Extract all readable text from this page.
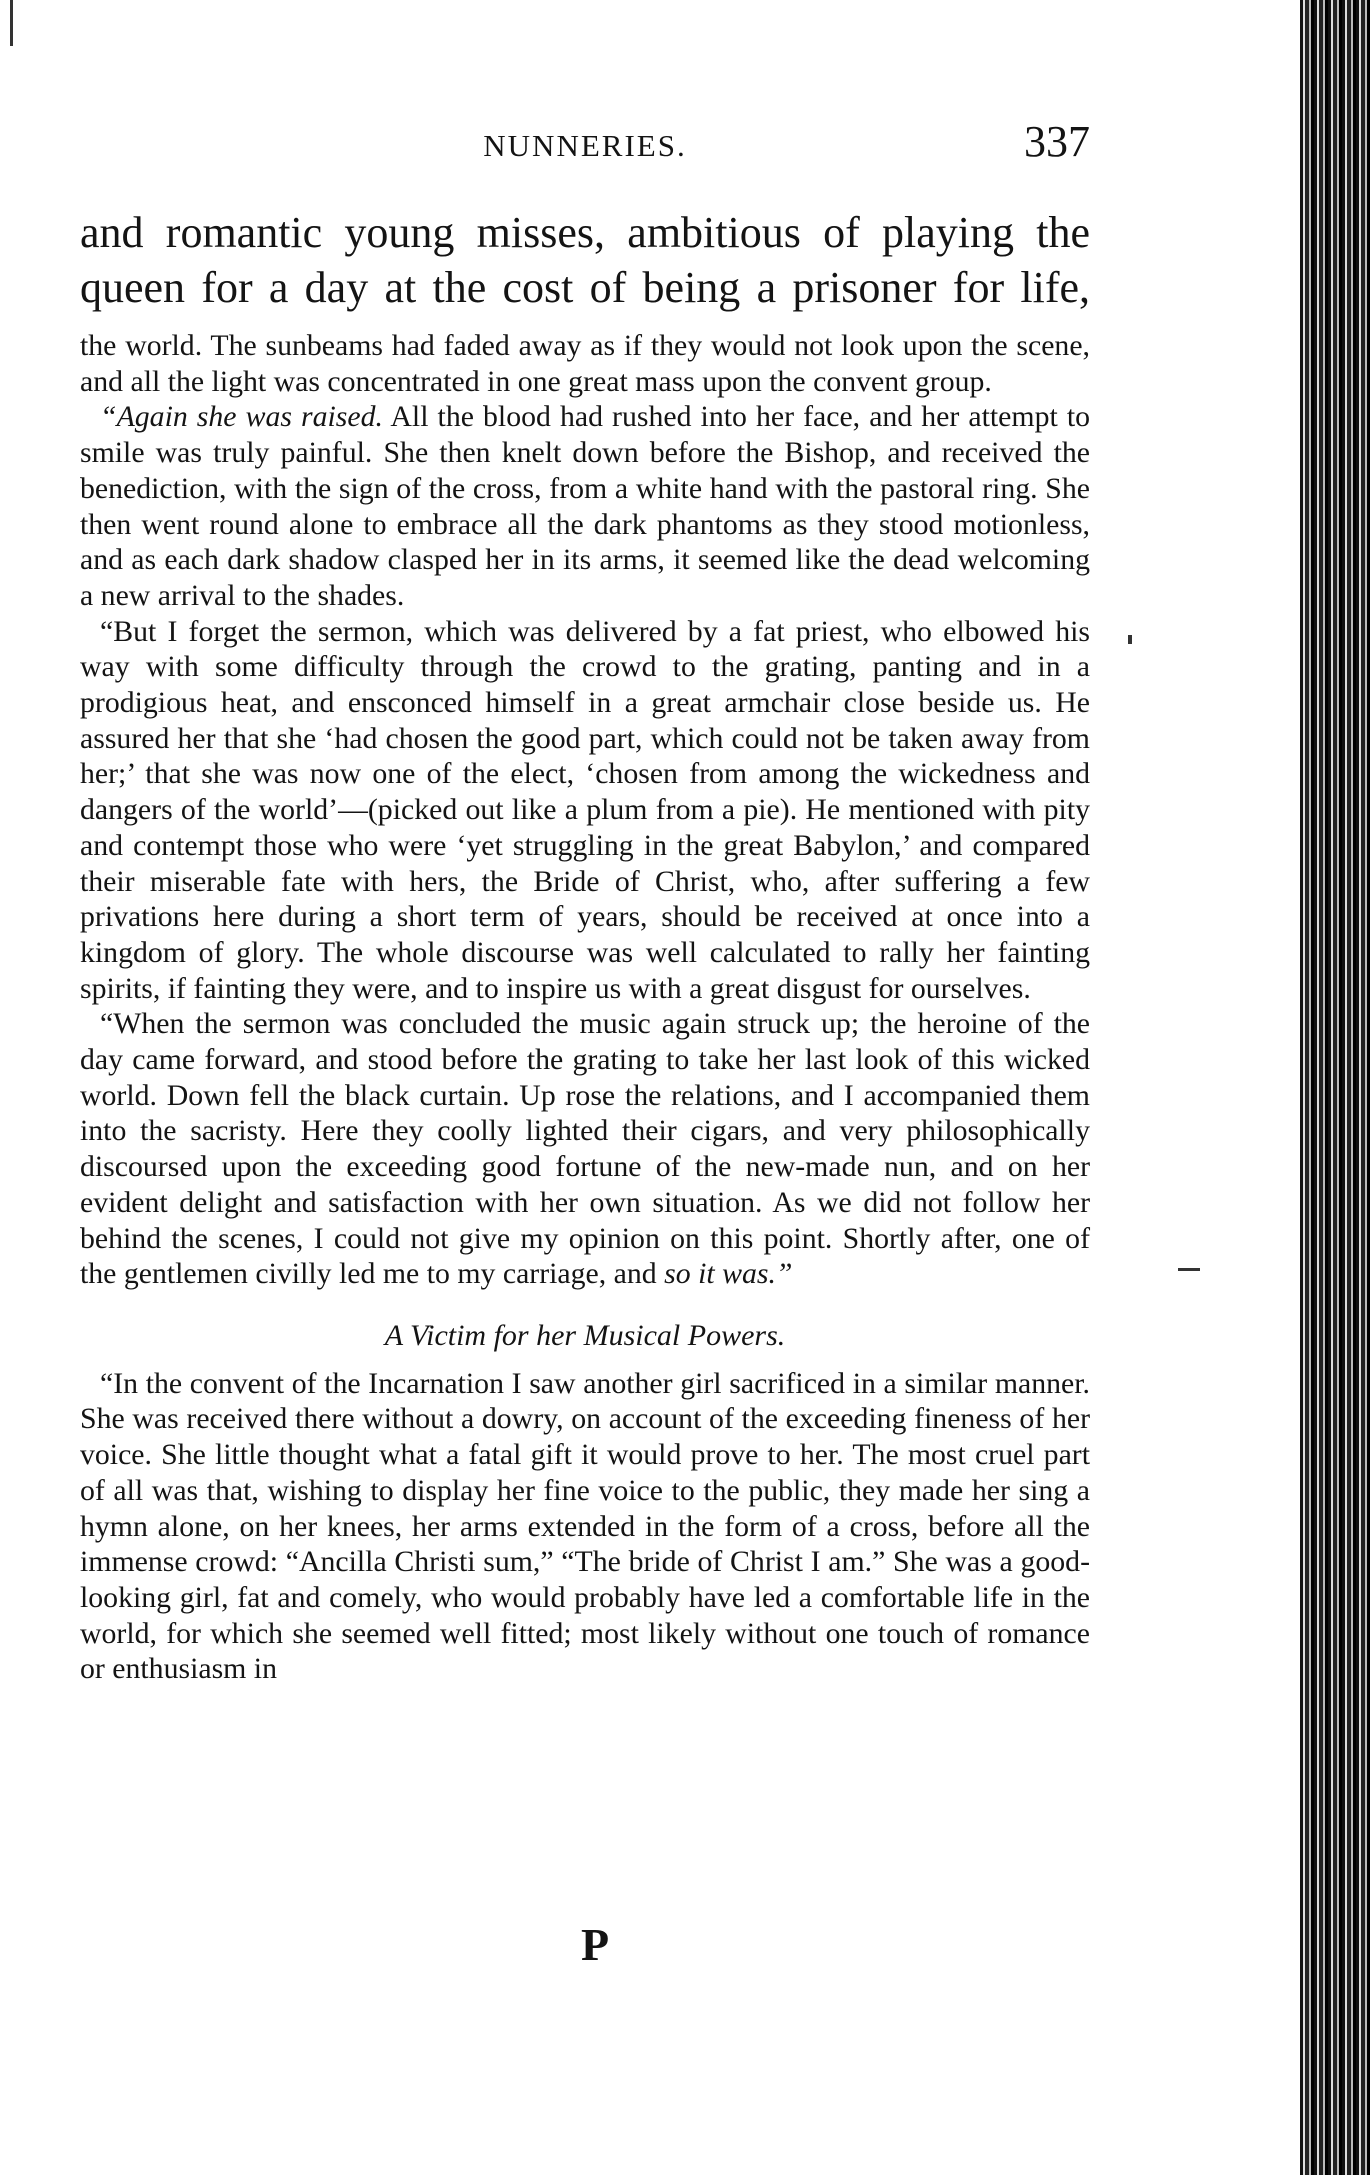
NUNNERIES.	337

and romantic young misses, ambitious of playing the

queen for a day at the cost of being a prisoner for life,

the world. The sunbeams had faded away as if they would not look upon the scene, and all the light was concentrated in one great mass upon the convent group.

“Again she was raised. All the blood had rushed into her face, and her attempt to smile was truly painful. She then knelt down before the Bishop, and received the benediction, with the sign of the cross, from a white hand with the pastoral ring. She then went round alone to embrace all the dark phantoms as they stood motionless, and as each dark shadow clasped her in its arms, it seemed like the dead welcoming a new arrival to the shades.

“But I forget the sermon, which was delivered by a fat priest, who elbowed his way with some difficulty through the crowd to the grating, panting and in a prodigious heat, and ensconced himself in a great armchair close beside us. He assured her that she ‘had chosen the good part, which could not be taken away from her;’ that she was now one of the elect, ‘chosen from among the wickedness and dangers of the world’—(picked out like a plum from a pie). He mentioned with pity and contempt those who were ‘yet struggling in the great Babylon,’ and compared their miserable fate with hers, the Bride of Christ, who, after suffering a few privations here during a short term of years, should be received at once into a kingdom of glory. The whole discourse was well calculated to rally her fainting spirits, if fainting they were, and to inspire us with a great disgust for ourselves.

“When the sermon was concluded the music again struck up; the heroine of the day came forward, and stood before the grating to take her last look of this wicked world. Down fell the black curtain. Up rose the relations, and I accompanied them into the sacristy. Here they coolly lighted their cigars, and very philosophically discoursed upon the exceeding good fortune of the new-made nun, and on her evident delight and satisfaction with her own situation. As we did not follow her behind the scenes, I could not give my opinion on this point. Shortly after, one of the gentlemen civilly led me to my carriage, and so it was.”

A Victim for her Musical Powers.

“In the convent of the Incarnation I saw another girl sacrificed in a similar manner. She was received there without a dowry, on account of the exceeding fineness of her voice. She little thought what a fatal gift it would prove to her. The most cruel part of all was that, wishing to display her fine voice to the public, they made her sing a hymn alone, on her knees, her arms extended in the form of a cross, before all the immense crowd: “Ancilla Christi sum,” “The bride of Christ I am.” She was a good-looking girl, fat and comely, who would probably have led a comfortable life in the world, for which she seemed well fitted; most likely without one touch of romance or enthusiasm in

P
